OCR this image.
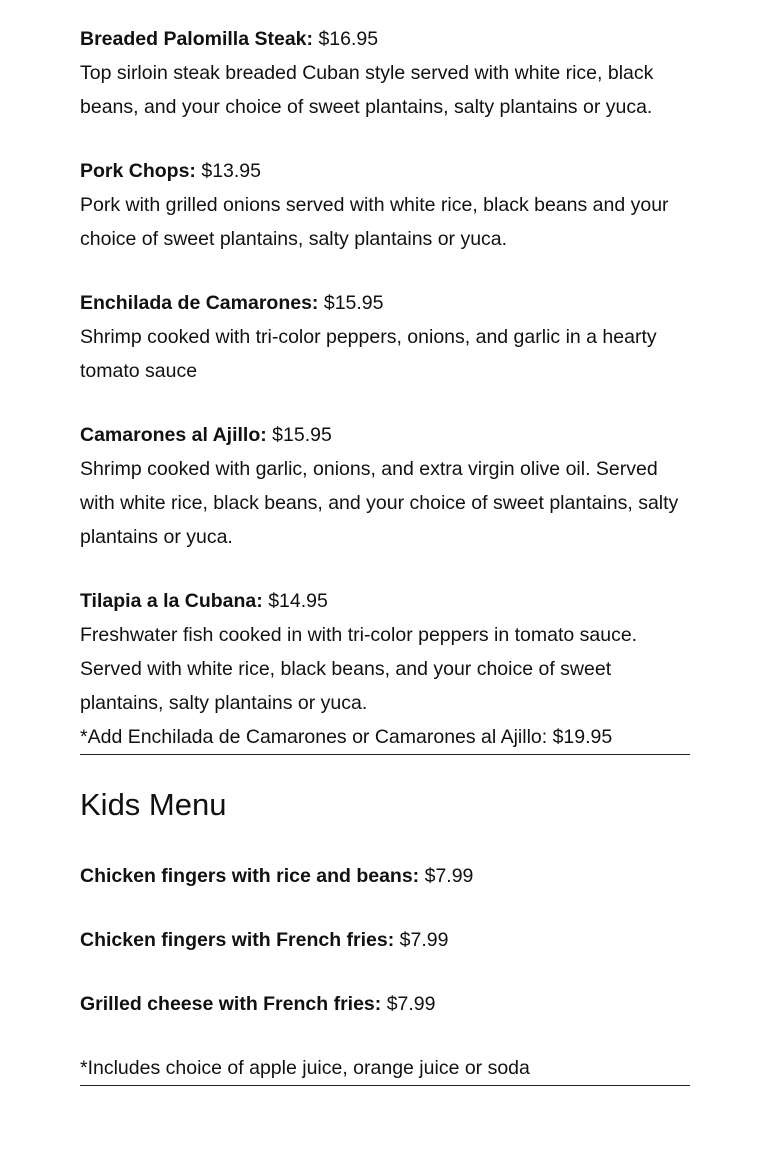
Breaded Palomilla Steak: $16.95

Top sirloin steak breaded Cuban style served with white rice, black beans, and your choice of sweet plantains, salty plantains or yuca.

Pork Chops: $13.95

Pork with grilled onions served with white rice, black beans and your choice of sweet plantains, salty plantains or yuca.

Enchilada de Camarones: $15.95

Shrimp cooked with tri-color peppers, onions, and garlic in a hearty tomato sauce

Camarones al Ajillo: $15.95

Shrimp cooked with garlic, onions, and extra virgin olive oil. Served with white rice, black beans, and your choice of sweet plantains, salty plantains or yuca.

Tilapia a la Cubana: $14.95

Freshwater fish cooked in with tri-color peppers in tomato sauce. Served with white rice, black beans, and your choice of sweet plantains, salty plantains or yuca.

*Add Enchilada de Camarones or Camarones al Ajillo: $19.95

Kids Menu

Chicken fingers with rice and beans: $7.99

Chicken fingers with French fries: $7.99

Grilled cheese with French fries: $7.99

*Includes choice of apple juice, orange juice or soda
